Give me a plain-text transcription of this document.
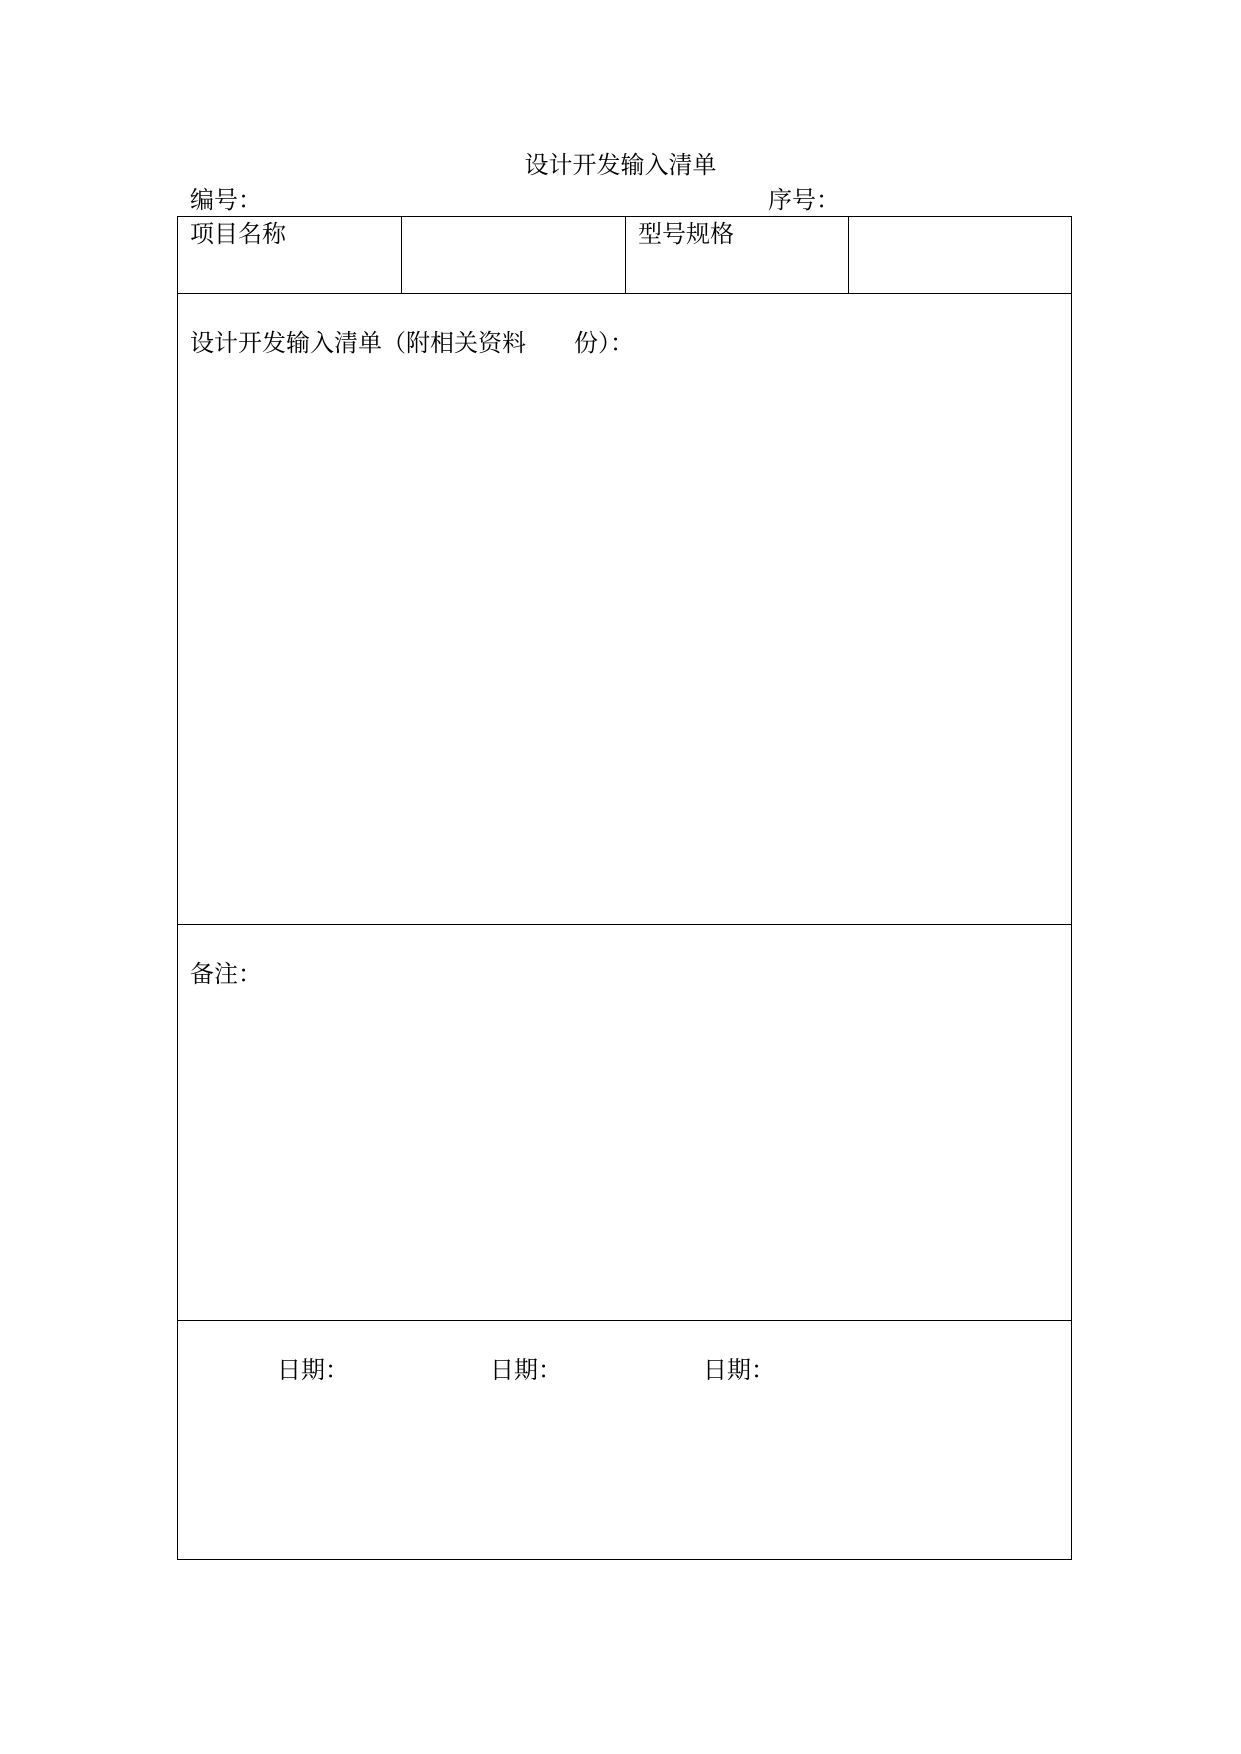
设计开发输入清单
编号：	序号：
项目名称	型号规格
设计开发输入清单（附相关资料　　份）：
备注：
日期：	日期：	日期：
